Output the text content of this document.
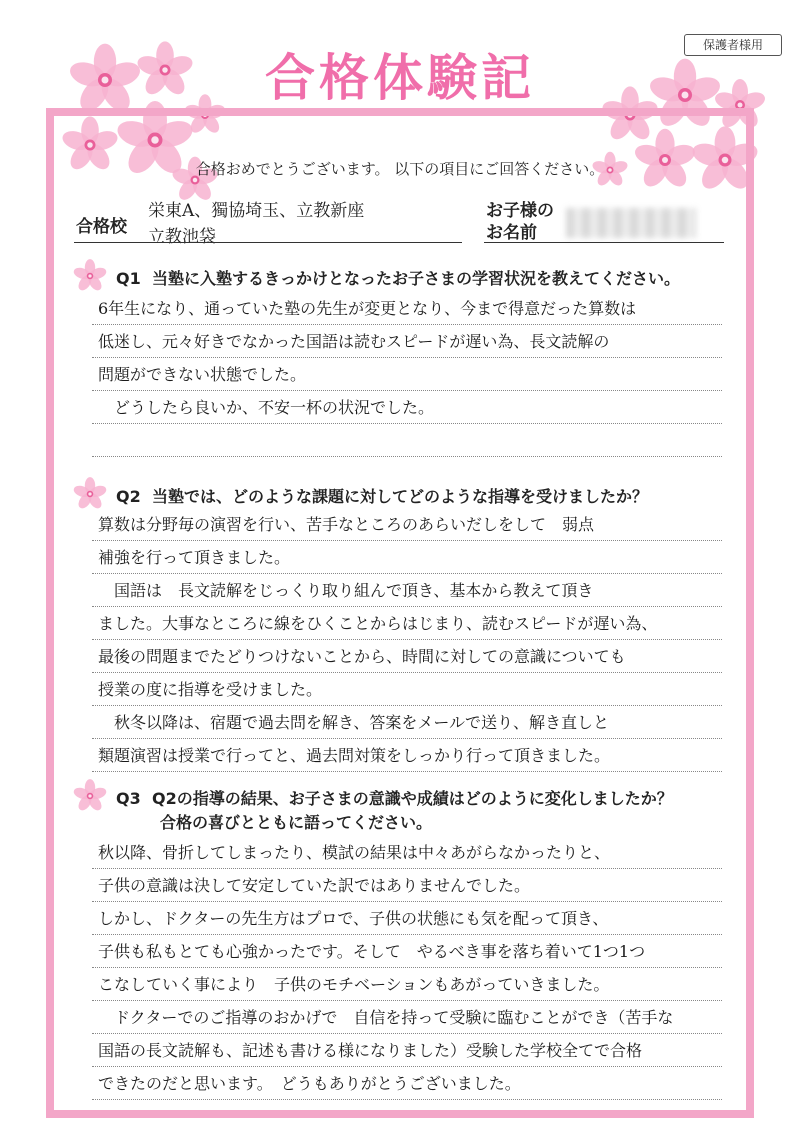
保護者様用
合格体験記
合格おめでとうございます。 以下の項目にご回答ください。
合格校
栄東A、獨協埼玉、立教新座
立教池袋
お子様の
お名前
Q1 当塾に入塾するきっかけとなったお子さまの学習状況を教えてください。
6年生になり、通っていた塾の先生が変更となり、今まで得意だった算数は
低迷し、元々好きでなかった国語は読むスピードが遅い為、長文読解の
問題ができない状態でした。
　どうしたら良いか、不安一杯の状況でした。
Q2 当塾では、どのような課題に対してどのような指導を受けましたか？
算数は分野毎の演習を行い、苦手なところのあらいだしをして　弱点
補強を行って頂きました。
　国語は　長文読解をじっくり取り組んで頂き、基本から教えて頂き
ました。大事なところに線をひくことからはじまり、読むスピードが遅い為、
最後の問題までたどりつけないことから、時間に対しての意識についても
授業の度に指導を受けました。
　秋冬以降は、宿題で過去問を解き、答案をメールで送り、解き直しと
類題演習は授業で行ってと、過去問対策をしっかり行って頂きました。
Q3 Q2の指導の結果、お子さまの意識や成績はどのように変化しましたか？
合格の喜びとともに語ってください。
秋以降、骨折してしまったり、模試の結果は中々あがらなかったりと、
子供の意識は決して安定していた訳ではありませんでした。
しかし、ドクターの先生方はプロで、子供の状態にも気を配って頂き、
子供も私もとても心強かったです。そして　やるべき事を落ち着いて1つ1つ
こなしていく事により　子供のモチベーションもあがっていきました。
　ドクターでのご指導のおかげで　自信を持って受験に臨むことができ（苦手な
国語の長文読解も、記述も書ける様になりました）受験した学校全てで合格
できたのだと思います。　どうもありがとうございました。
